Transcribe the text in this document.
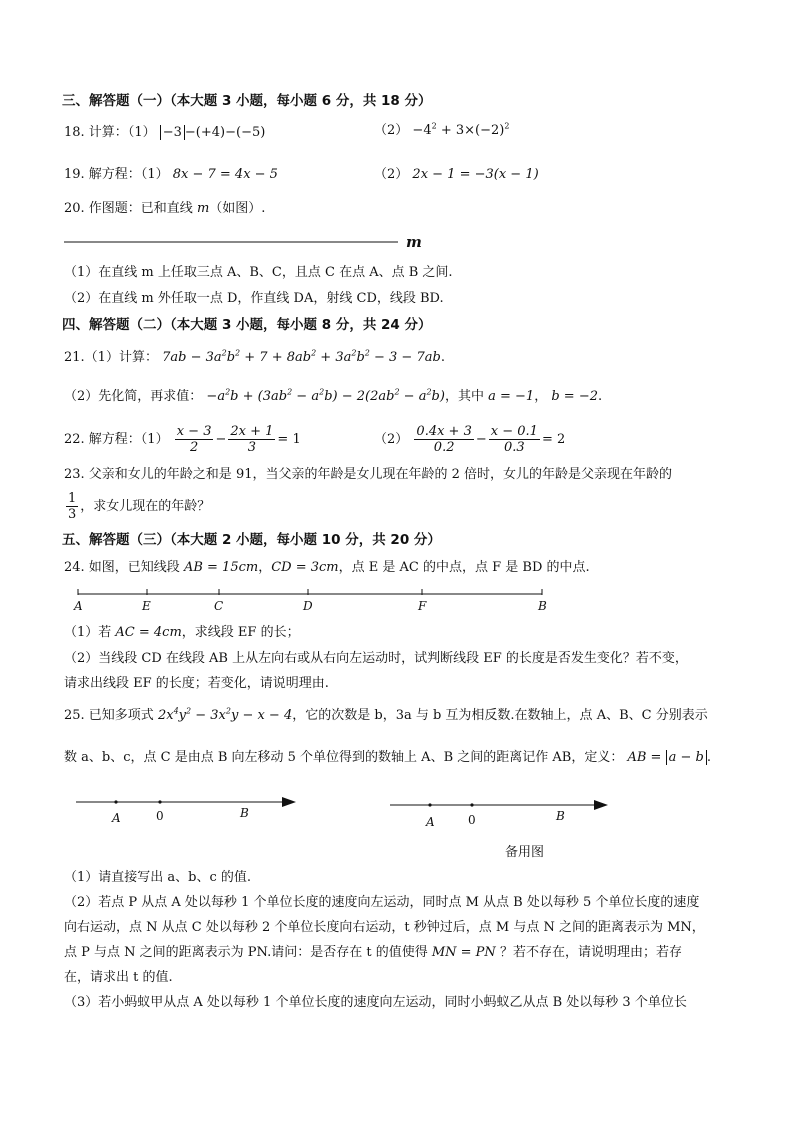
三、解答题（一）（本大题 3 小题，每小题 6 分，共 18 分）
18. 计算：（1） −3 −(+4)−(−5)	$(2) -4^2 + 3\times(-2)^2$
19. 解方程：（1） 8x − 7 = 4x − 5	（2） 2x − 1 = −3(x − 1)
20. 作图题：已和直线 m（如图）.
m
（1）在直线 m 上任取三点 A、B、C，且点 C 在点 A、点 B 之间.
（2）在直线 m 外任取一点 D，作直线 DA，射线 CD，线段 BD.
四、解答题（二）（本大题 3 小题，每小题 8 分，共 24 分）
21.（1）计算： $7ab - 3a^2b^2 + 7 + 8ab^2 + 3a^2b^2 - 3 - 7ab$.
（2）先化简，再求值： $-a^2b + (3ab^2 - a^2b) - 2(2ab^2 - a^2b)$，其中 a = −1， b = −2.
22. 解方程：$(1) \frac{x - 3}{2} - \frac{2x + 1}{3} = 1$	$(2) \frac{0.4x + 3}{0.2} - \frac{x - 0.1}{0.3} = 2$
23. 父亲和女儿的年龄之和是 91，当父亲的年龄是女儿现在年龄的 2 倍时，女儿的年龄是父亲现在年龄的
$\frac{1}{3}$ ，求女儿现在的年龄？
五、解答题（三）（本大题 2 小题，每小题 10 分，共 20 分）
24. 如图，已知线段 AB = 15cm，CD = 3cm，点 E 是 AC 的中点，点 F 是 BD 的中点.
A	E	C	D	F	B
（1）若 AC = 4cm，求线段 EF 的长；
（2）当线段 CD 在线段 AB 上从左向右或从右向左运动时，试判断线段 EF 的长度是否发生变化？若不变，
请求出线段 EF 的长度；若变化，请说明理由.
25. 已知多项式 $2x^4y^2 - 3x^2y - x - 4$，它的次数是 b，3a 与 b 互为相反数.在数轴上，点 A、B、C 分别表示
数 a、b、c，点 C 是由点 B 向左移动 5 个单位得到的数轴上 A、B 之间的距离记作 AB，定义： AB = a − b .
A	0	B
A	0	B
备用图
（1）请直接写出 a、b、c 的值.
（2）若点 P 从点 A 处以每秒 1 个单位长度的速度向左运动，同时点 M 从点 B 处以每秒 5 个单位长度的速度
向右运动，点 N 从点 C 处以每秒 2 个单位长度向右运动，t 秒钟过后，点 M 与点 N 之间的距离表示为 MN，
点 P 与点 N 之间的距离表示为 PN.请问：是否存在 t 的值使得 MN = PN ？若不存在，请说明理由；若存
在，请求出 t 的值.
（3）若小蚂蚁甲从点 A 处以每秒 1 个单位长度的速度向左运动，同时小蚂蚁乙从点 B 处以每秒 3 个单位长
